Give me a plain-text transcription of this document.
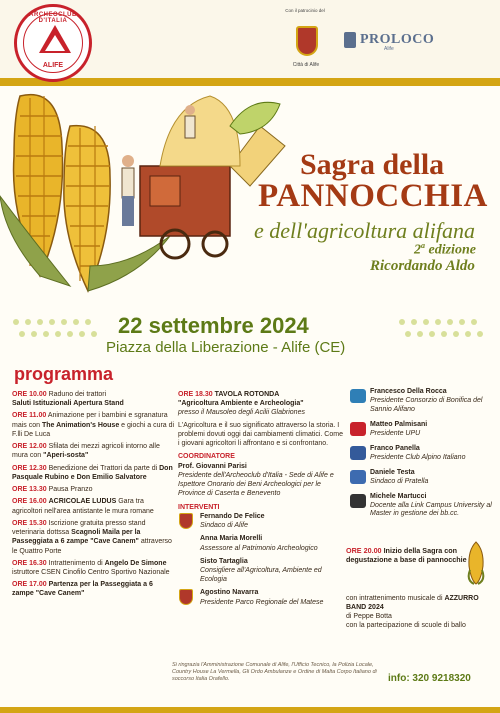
ARCHEOCLUB D'ITALIA
ALIFE
Con il patrocinio del
Città di Alife
PROLOCO
Alife
Sagra della
PANNOCCHIA
e dell'agricoltura alifana
2$^a$ edizione
Ricordando Aldo
22 settembre 2024
Piazza della Liberazione - Alife (CE)
programma
ORE 10.00 Raduno dei trattori
Saluti Istituzionali Apertura Stand
ORE 11.00 Animazione per i bambini e sgranatura mais con The Animation's House e giochi a cura di F.lli De Luca
ORE 12.00 Sfilata dei mezzi agricoli intorno alle mura con "Aperi-sosta"
ORE 12.30 Benedizione dei Trattori da parte di Don Pasquale Rubino e Don Emilio Salvatore
ORE 13.30 Pausa Pranzo
ORE 16.00 ACRICOLAE LUDUS Gara tra agricoltori nell'area antistante le mura romane
ORE 15.30 Iscrizione gratuita presso stand veterinaria dottssa Scagnoli Maila per la Passeggiata a 6 zampe "Cave Canem" attraverso le Quattro Porte
ORE 16.30 Intrattenimento di Angelo De Simone istruttore CSEN Cinofilo Centro Sportivo Nazionale
ORE 17.00 Partenza per la Passeggiata a 6 zampe "Cave Canem"
ORE 18.30 TAVOLA ROTONDA
"Agricoltura Ambiente e Archeologia"
presso il Mausoleo degli Acilii Glabriones
L'Agricoltura e il suo significato attraverso la storia. I problemi dovuti oggi dai cambiamenti climatici. Come i giovani agricoltori li affrontano e si confrontano.
COORDINATORE
Prof. Giovanni Parisi
Presidente dell'Archeoclub d'Italia - Sede di Alife e Ispettore Onorario dei Beni Archeologici per le Province di Caserta e Benevento
INTERVENTI
Fernando De Felice
Sindaco di Alife
Anna Maria Morelli
Assessore al Patrimonio Archeologico
Sisto Tartaglia
Consigliere all'Agricoltura, Ambiente ed Ecologia
Agostino Navarra
Presidente Parco Regionale del Matese
Francesco Della Rocca
Presidente Consorzio di Bonifica del Sannio Alifano
Matteo Palmisani
Presidente UPU
Franco Panella
Presidente Club Alpino Italiano
Daniele Testa
Sindaco di Pratella
Michele Martucci
Docente alla Link Campus University al Master in gestione dei bb.cc.
ORE 20.00 Inizio della Sagra con degustazione a base di pannocchie
con intrattenimento musicale di AZZURRO BAND 2024
di Peppe Botta
con la partecipazione di scuole di ballo
Si ringrazia l'Amministrazione Comunale di Alife, l'Ufficio Tecnico, la Polizia Locale, Country House La Vermella, Gli Ordo Ambulanze e Ordine di Malta Corpo Italiano di soccorso Italia Orafello.	info: 320 9218320
